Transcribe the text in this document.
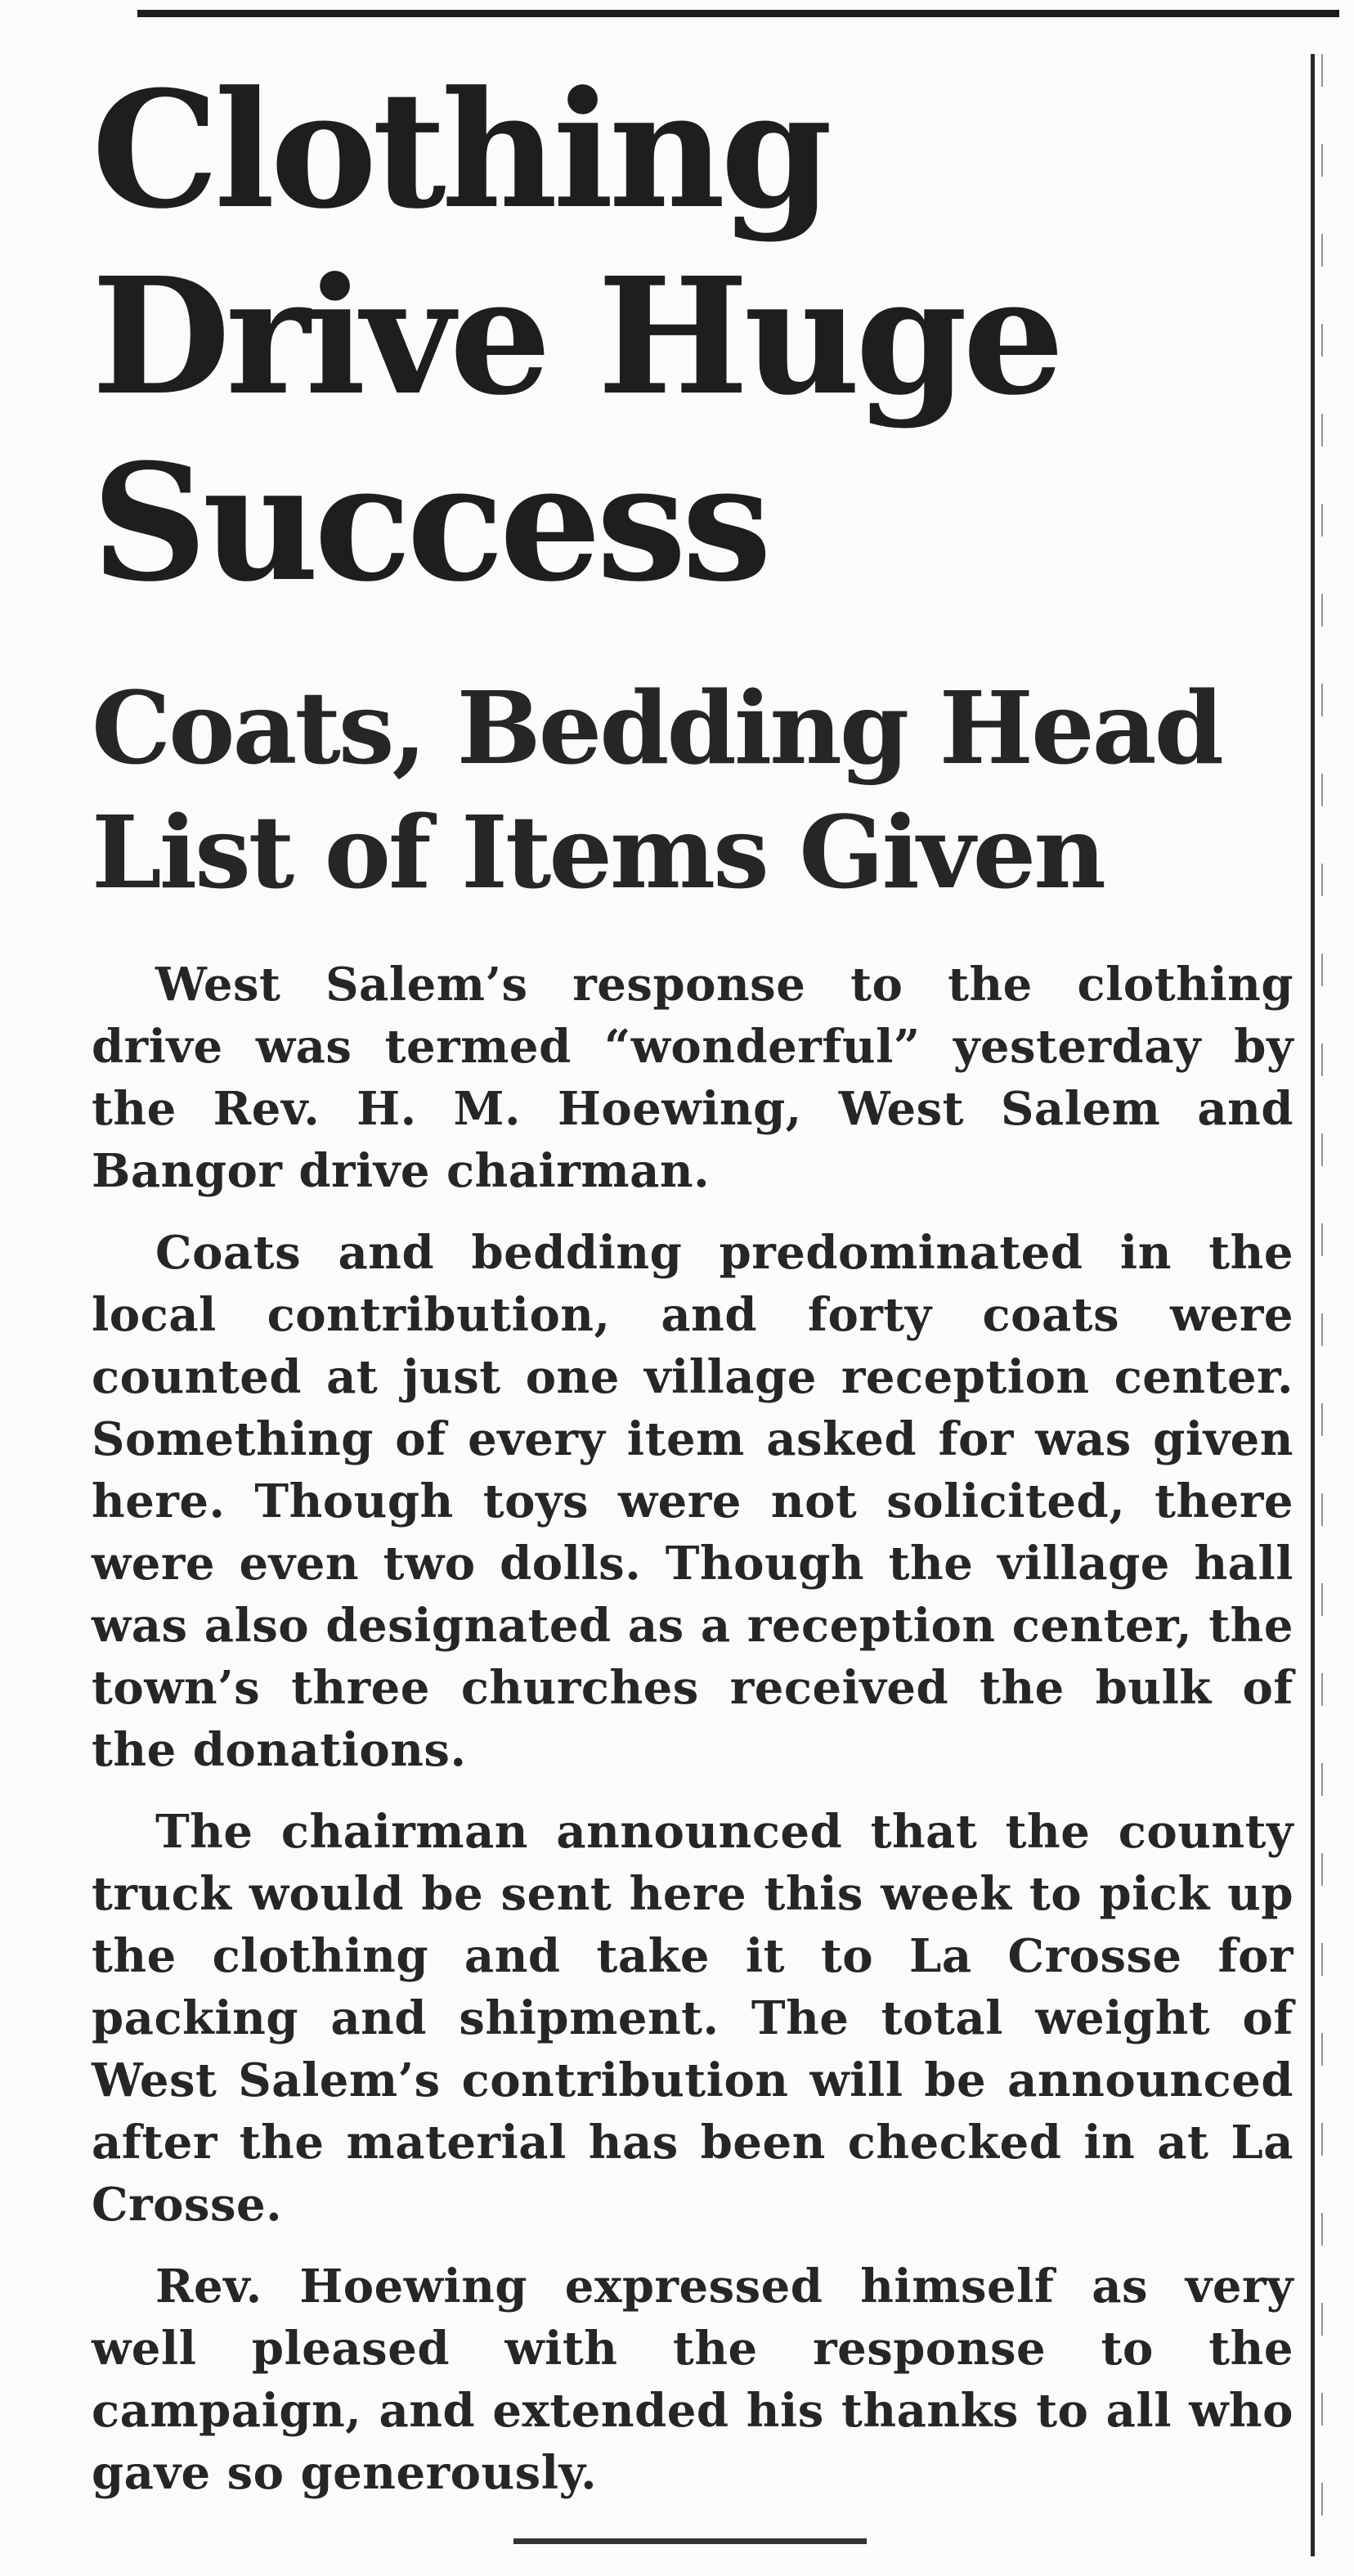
Clothing Drive Huge Success
Coats, Bedding Head List of Items Given

West Salem’s response to the clothing drive was termed “wonderful” yesterday by the Rev. H. M. Hoewing, West Salem and Bangor drive chairman.

Coats and bedding predominated in the local contribution, and forty coats were counted at just one village reception center. Something of every item asked for was given here. Though toys were not solicited, there were even two dolls. Though the village hall was also designated as a reception center, the town’s three churches received the bulk of the donations.

The chairman announced that the county truck would be sent here this week to pick up the clothing and take it to La Crosse for packing and shipment. The total weight of West Salem’s contribution will be announced after the material has been checked in at La Crosse.

Rev. Hoewing expressed himself as very well pleased with the response to the campaign, and extended his thanks to all who gave so generously.
